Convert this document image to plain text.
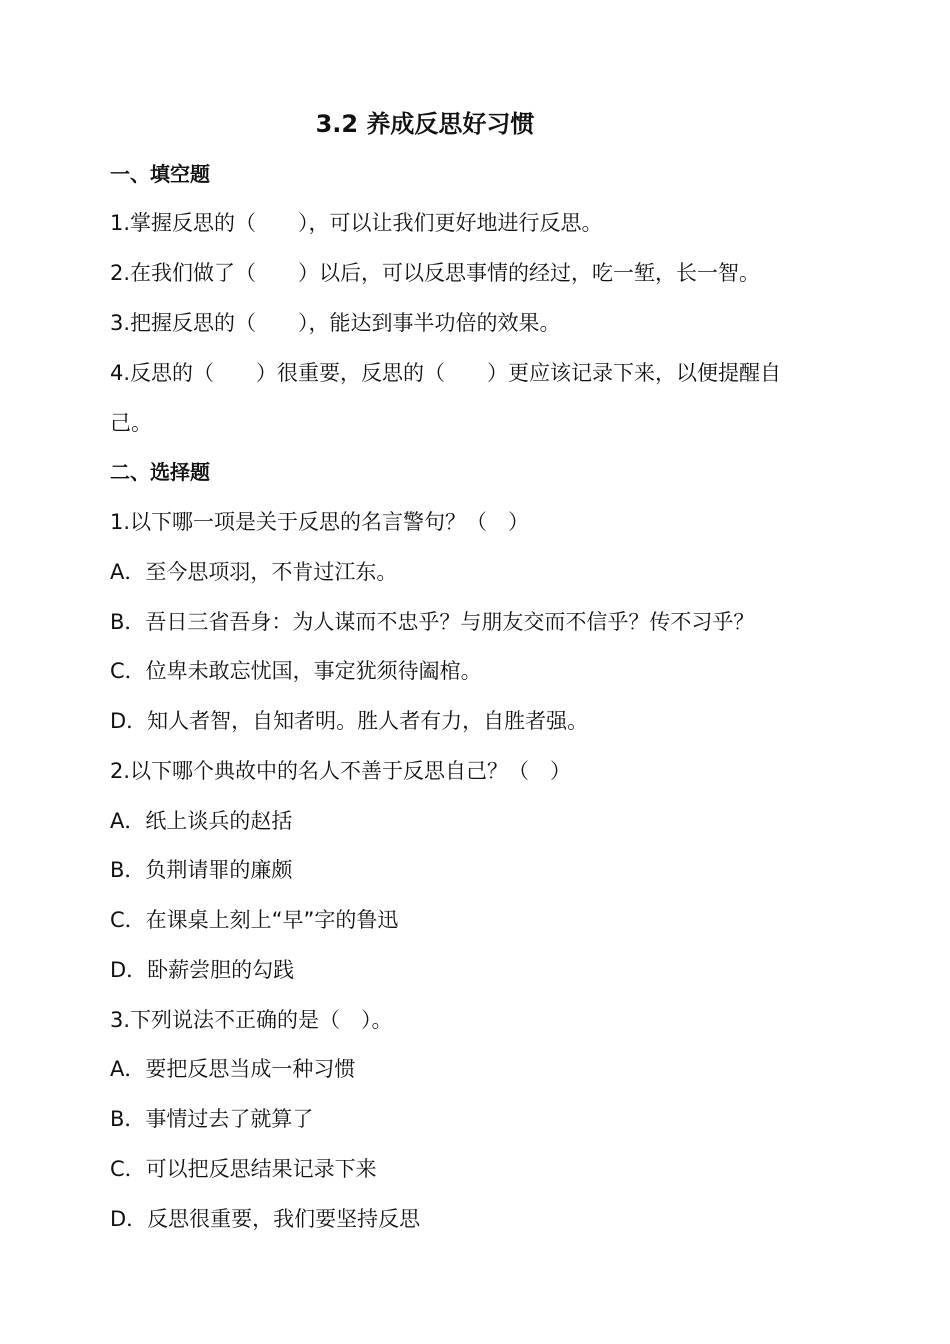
3.2 养成反思好习惯
一、填空题
1.掌握反思的（　　），可以让我们更好地进行反思。
2.在我们做了（　　）以后，可以反思事情的经过，吃一堑，长一智。
3.把握反思的（　　），能达到事半功倍的效果。
4.反思的（　　）很重要，反思的（　　）更应该记录下来，以便提醒自
己。
二、选择题
1.以下哪一项是关于反思的名言警句？（　）
A．至今思项羽，不肯过江东。
B．吾日三省吾身：为人谋而不忠乎？与朋友交而不信乎？传不习乎？
C．位卑未敢忘忧国，事定犹须待阖棺。
D．知人者智，自知者明。胜人者有力，自胜者强。
2.以下哪个典故中的名人不善于反思自己？（　）
A．纸上谈兵的赵括
B．负荆请罪的廉颇
C．在课桌上刻上“早”字的鲁迅
D．卧薪尝胆的勾践
3.下列说法不正确的是（　）。
A．要把反思当成一种习惯
B．事情过去了就算了
C．可以把反思结果记录下来
D．反思很重要，我们要坚持反思
